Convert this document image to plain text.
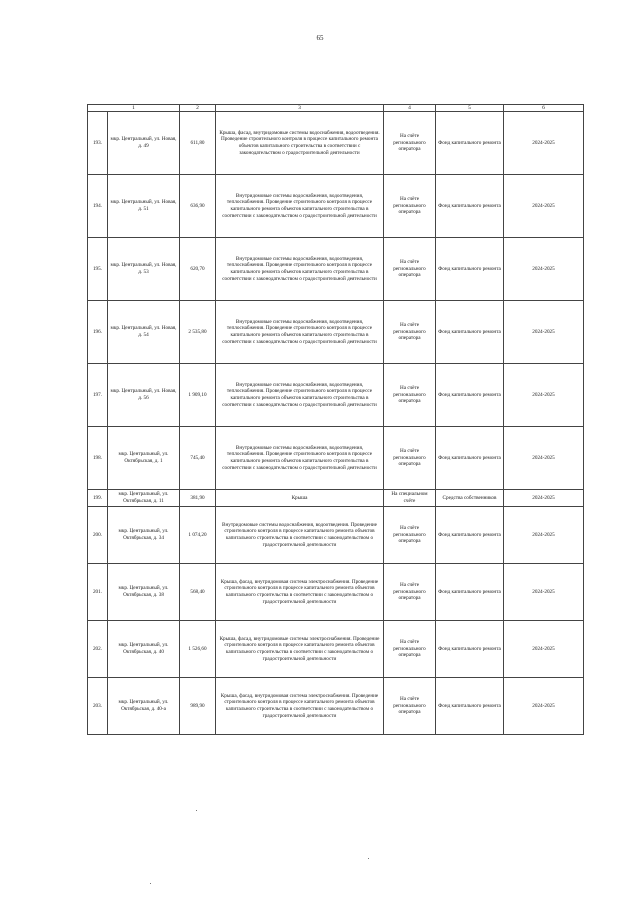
65
1		2	3	4	5	6
193.	мкр. Центральный, ул. Новая, д. 49	611,80	Крыша, фасад, внутридомовые системы водоснабжения, водоотведения. Проведение строительного контроля в процессе капитального ремонта объектов капитального строительства в соответствии с законодательством о градостроительной деятельности	На счёте регионального оператора	Фонд капитального ремонта	2024-2025
194.	мкр. Центральный, ул. Новая, д. 51	636,90	Внутридомовые системы водоснабжения, водоотведения, теплоснабжения. Проведение строительного контроля в процессе капитального ремонта объектов капитального строительства в соответствии с законодательством о градостроительной деятельности	На счёте регионального оператора	Фонд капитального ремонта	2024-2025
195.	мкр. Центральный, ул. Новая, д. 53	620,70	Внутридомовые системы водоснабжения, водоотведения, теплоснабжения. Проведение строительного контроля в процессе капитального ремонта объектов капитального строительства в соответствии с законодательством о градостроительной деятельности	На счёте регионального оператора	Фонд капитального ремонта	2024-2025
196.	мкр. Центральный, ул. Новая, д. 54	2 535,80	Внутридомовые системы водоснабжения, водоотведения, теплоснабжения. Проведение строительного контроля в процессе капитального ремонта объектов капитального строительства в соответствии с законодательством о градостроительной деятельности	На счёте регионального оператора	Фонд капитального ремонта	2024-2025
197.	мкр. Центральный, ул. Новая, д. 56	1 909,10	Внутридомовые системы водоснабжения, водоотведения, теплоснабжения. Проведение строительного контроля в процессе капитального ремонта объектов капитального строительства в соответствии с законодательством о градостроительной деятельности	На счёте регионального оператора	Фонд капитального ремонта	2024-2025
198.	мкр. Центральный, ул. Октябрьская, д. 1	745,40	Внутридомовые системы водоснабжения, водоотведения, теплоснабжения. Проведение строительного контроля в процессе капитального ремонта объектов капитального строительства в соответствии с законодательством о градостроительной деятельности	На счёте регионального оператора	Фонд капитального ремонта	2024-2025
199.	мкр. Центральный, ул. Октябрьская, д. 11	381,90	Крыша	На специальном счёте	Средства собственников	2024-2025
200.	мкр. Центральный, ул. Октябрьская, д. 34	1 074,20	Внутридомовые системы водоснабжения, водоотведения. Проведение строительного контроля в процессе капитального ремонта объектов капитального строительства в соответствии с законодательством о градостроительной деятельности	На счёте регионального оператора	Фонд капитального ремонта	2024-2025
201.	мкр. Центральный, ул. Октябрьская, д. 38	568,40	Крыша, фасад, внутридомовая система электроснабжения. Проведение строительного контроля в процессе капитального ремонта объектов капитального строительства в соответствии с законодательством о градостроительной деятельности	На счёте регионального оператора	Фонд капитального ремонта	2024-2025
202.	мкр. Центральный, ул. Октябрьская, д. 40	1 526,60	Крыша, фасад, внутридомовые системы электроснабжения. Проведение строительного контроля в процессе капитального ремонта объектов капитального строительства в соответствии с законодательством о градостроительной деятельности	На счёте регионального оператора	Фонд капитального ремонта	2024-2025
203.	мкр. Центральный, ул. Октябрьская, д. 40-а	989,90	Крыша, фасад, внутридомовая система электроснабжения. Проведение строительного контроля в процессе капитального ремонта объектов капитального строительства в соответствии с законодательством о градостроительной деятельности	На счёте регионального оператора	Фонд капитального ремонта	2024-2025
